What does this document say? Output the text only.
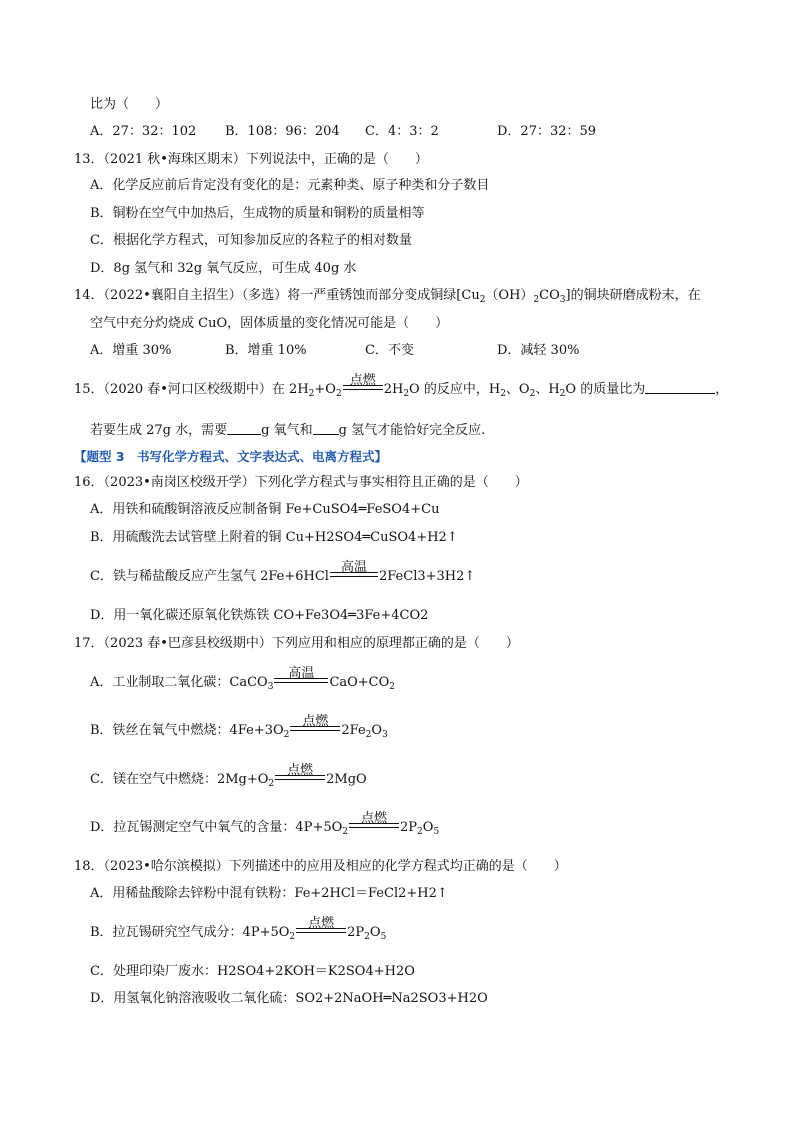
比为（　　）
A．27：32：102 B．108：96：204 C．4：3：2	D．27：32：59
13．（2021 秋•海珠区期末）下列说法中，正确的是（　　）
A．化学反应前后肯定没有变化的是：元素种类、原子种类和分子数目
B．铜粉在空气中加热后，生成物的质量和铜粉的质量相等
C．根据化学方程式，可知参加反应的各粒子的相对数量
D．8g 氢气和 32g 氧气反应，可生成 40g 水
14．（2022•襄阳自主招生）（多选）将一严重锈蚀而部分变成铜绿$[Cu_2(OH)_2CO_3]$的铜块研磨成粉末，在
空气中充分灼烧成 CuO，固体质量的变化情况可能是（　　）
A．增重 30%	B．增重 10%	C．不变	D．减轻 30%
15．（2020 春•河口区校级期中）在 $2H_2+O_2$
点燃
$2H_2O$ 的反应中，$H_2$、$O_2$、$H_2O$ 的质量比为	，
若要生成 27g 水，需要	g 氧气和 g 氢气才能恰好完全反应.
【题型 3　书写化学方程式、文字表达式、电离方程式】
16．（2023•南岗区校级开学）下列化学方程式与事实相符且正确的是（　　）
A．用铁和硫酸铜溶液反应制备铜 Fe+CuSO4═FeSO4+Cu
B．用硫酸洗去试管壁上附着的铜 Cu+H2SO4═CuSO4+H2↑
C．铁与稀盐酸反应产生氢气 2Fe+6HCl
高温
2FeCl3+3H2↑
D．用一氧化碳还原氧化铁炼铁 CO+Fe3O4═3Fe+4CO2
17．（2023 春•巴彦县校级期中）下列应用和相应的原理都正确的是（　　）
A．工业制取二氧化碳：CaCO$_3$
高温
$CaO+CO_2$
B．铁丝在氧气中燃烧：$4Fe+3O_2$
点燃
$2Fe_2O_3$
C．镁在空气中燃烧：$2Mg+O_2$
点燃
2MgO
D．拉瓦锡测定空气中氧气的含量：$4P+5O_2$
点燃
$2P_2O_5$
18．（2023•哈尔滨模拟）下列描述中的应用及相应的化学方程式均正确的是（　　）
A．用稀盐酸除去锌粉中混有铁粉：Fe+2HCl＝FeCl2+H2↑
B．拉瓦锡研究空气成分：$4P+5O_2$
点燃
$2P_2O_5$
C．处理印染厂废水：H2SO4+2KOH＝K2SO4+H2O
D．用氢氧化钠溶液吸收二氧化硫：SO2+2NaOH═Na2SO3+H2O
